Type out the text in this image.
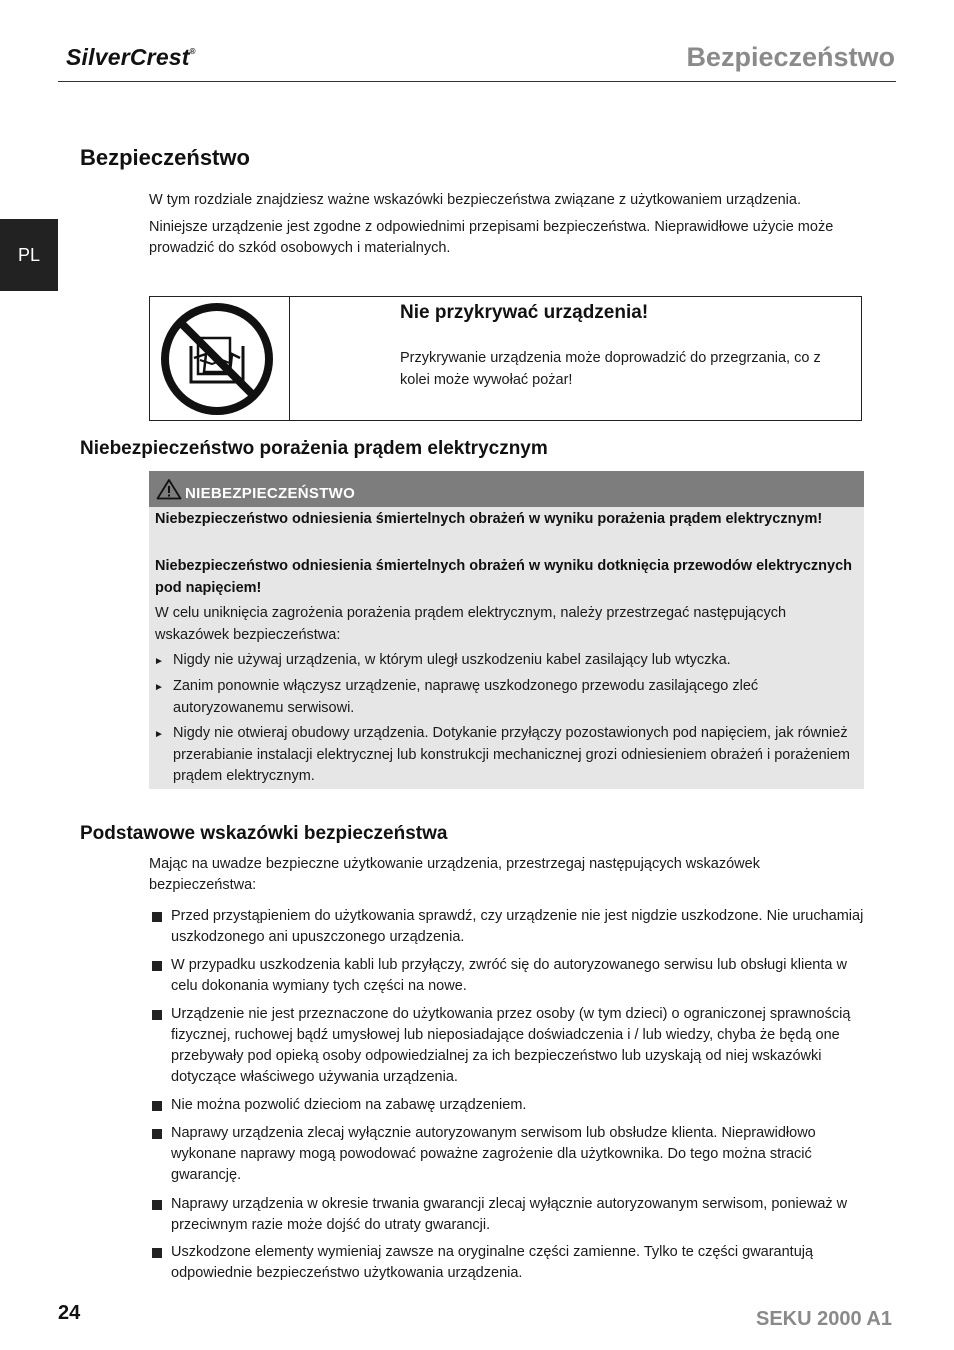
SilverCrest®	Bezpieczeństwo
PL
Bezpieczeństwo
W tym rozdziale znajdziesz ważne wskazówki bezpieczeństwa związane z użytkowaniem urządzenia.
Niniejsze urządzenie jest zgodne z odpowiednimi przepisami bezpieczeństwa. Nieprawidłowe użycie może prowadzić do szkód osobowych i materialnych.
Nie przykrywać urządzenia!
Przykrywanie urządzenia może doprowadzić do przegrzania, co z kolei może wywołać pożar!
Niebezpieczeństwo porażenia prądem elektrycznym
NIEBEZPIECZEŃSTWO
Niebezpieczeństwo odniesienia śmiertelnych obrażeń w wyniku porażenia prądem elektrycznym!
Niebezpieczeństwo odniesienia śmiertelnych obrażeń w wyniku dotknięcia przewodów elektrycznych pod napięciem!
W celu uniknięcia zagrożenia porażenia prądem elektrycznym, należy przestrzegać następujących wskazówek bezpieczeństwa:
► Nigdy nie używaj urządzenia, w którym uległ uszkodzeniu kabel zasilający lub wtyczka.
► Zanim ponownie włączysz urządzenie, naprawę uszkodzonego przewodu zasilającego zleć autoryzowanemu serwisowi.
► Nigdy nie otwieraj obudowy urządzenia. Dotykanie przyłączy pozostawionych pod napięciem, jak również przerabianie instalacji elektrycznej lub konstrukcji mechanicznej grozi odniesieniem obrażeń i porażeniem prądem elektrycznym.
Podstawowe wskazówki bezpieczeństwa
Mając na uwadze bezpieczne użytkowanie urządzenia, przestrzegaj następujących wskazówek bezpieczeństwa:
Przed przystąpieniem do użytkowania sprawdź, czy urządzenie nie jest nigdzie uszkodzone. Nie uruchamiaj uszkodzonego ani upuszczonego urządzenia.
W przypadku uszkodzenia kabli lub przyłączy, zwróć się do autoryzowanego serwisu lub obsługi klienta w celu dokonania wymiany tych części na nowe.
Urządzenie nie jest przeznaczone do użytkowania przez osoby (w tym dzieci) o ograniczonej sprawnością fizycznej, ruchowej bądź umysłowej lub nieposiadające doświadczenia i / lub wiedzy, chyba że będą one przebywały pod opieką osoby odpowiedzialnej za ich bezpieczeństwo lub uzyskają od niej wskazówki dotyczące właściwego używania urządzenia.
Nie można pozwolić dzieciom na zabawę urządzeniem.
Naprawy urządzenia zlecaj wyłącznie autoryzowanym serwisom lub obsłudze klienta. Nieprawidłowo wykonane naprawy mogą powodować poważne zagrożenie dla użytkownika. Do tego można stracić gwarancję.
Naprawy urządzenia w okresie trwania gwarancji zlecaj wyłącznie autoryzowanym serwisom, ponieważ w przeciwnym razie może dojść do utraty gwarancji.
Uszkodzone elementy wymieniaj zawsze na oryginalne części zamienne. Tylko te części gwarantują odpowiednie bezpieczeństwo użytkowania urządzenia.
24	SEKU 2000 A1
